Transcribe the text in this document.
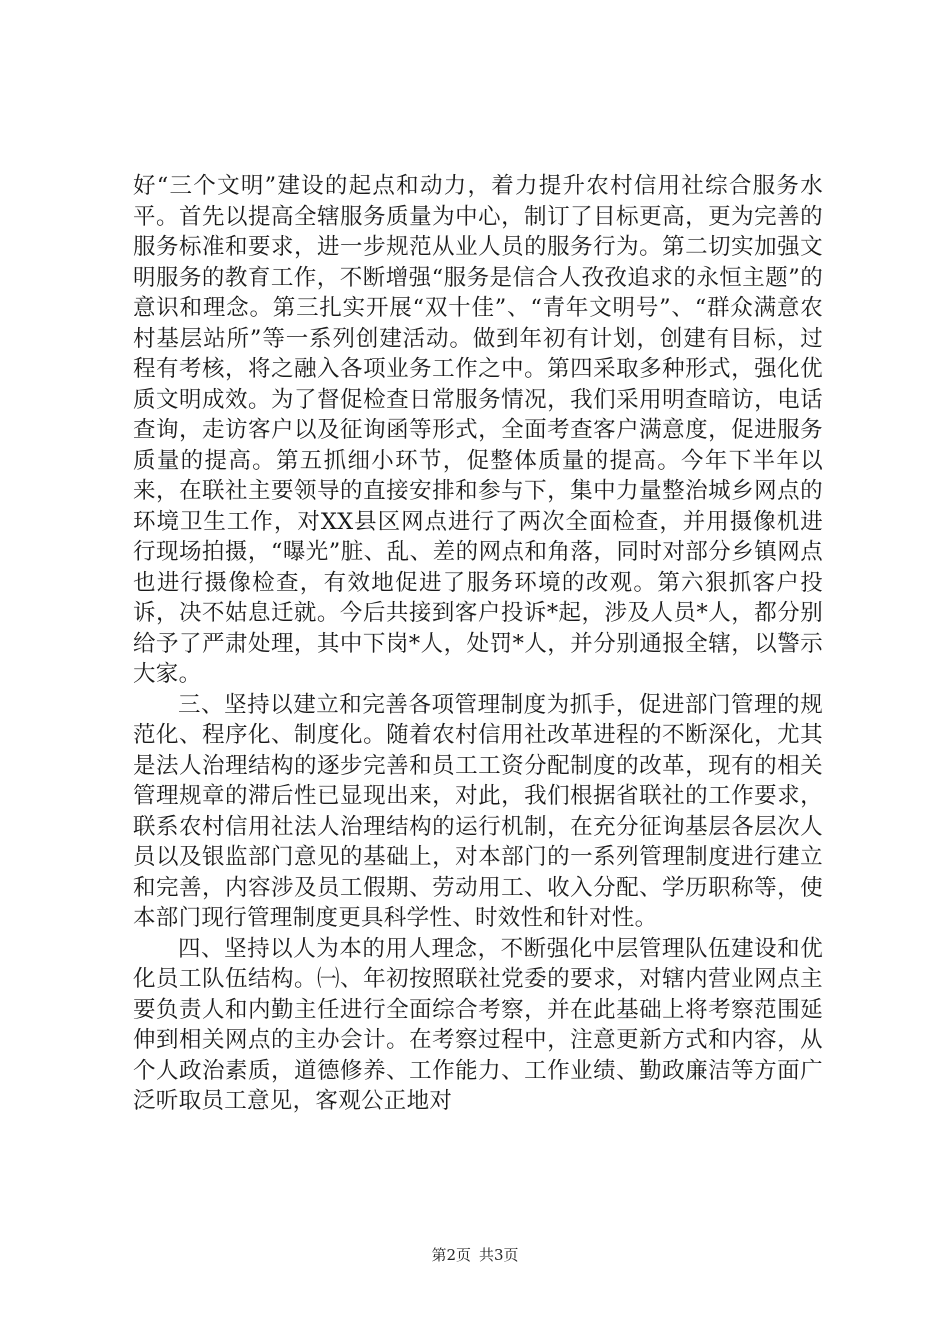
好“三个文明”建设的起点和动力，着力提升农村信用社综合服务水平。首先以提高全辖服务质量为中心，制订了目标更高，更为完善的服务标准和要求，进一步规范从业人员的服务行为。第二切实加强文明服务的教育工作，不断增强“服务是信合人孜孜追求的永恒主题”的意识和理念。第三扎实开展“双十佳”、“青年文明号”、“群众满意农村基层站所”等一系列创建活动。做到年初有计划，创建有目标，过程有考核，将之融入各项业务工作之中。第四采取多种形式，强化优质文明成效。为了督促检查日常服务情况，我们采用明查暗访，电话查询，走访客户以及征询函等形式，全面考查客户满意度，促进服务质量的提高。第五抓细小环节，促整体质量的提高。今年下半年以来，在联社主要领导的直接安排和参与下，集中力量整治城乡网点的环境卫生工作，对XX县区网点进行了两次全面检查，并用摄像机进行现场拍摄，“曝光”脏、乱、差的网点和角落，同时对部分乡镇网点也进行摄像检查，有效地促进了服务环境的改观。第六狠抓客户投诉，决不姑息迁就。今后共接到客户投诉*起，涉及人员*人，都分别给予了严肃处理，其中下岗*人，处罚*人，并分别通报全辖，以警示大家。

三、坚持以建立和完善各项管理制度为抓手，促进部门管理的规范化、程序化、制度化。随着农村信用社改革进程的不断深化，尤其是法人治理结构的逐步完善和员工工资分配制度的改革，现有的相关管理规章的滞后性已显现出来，对此，我们根据省联社的工作要求，联系农村信用社法人治理结构的运行机制，在充分征询基层各层次人员以及银监部门意见的基础上，对本部门的一系列管理制度进行建立和完善，内容涉及员工假期、劳动用工、收入分配、学历职称等，使本部门现行管理制度更具科学性、时效性和针对性。

四、坚持以人为本的用人理念，不断强化中层管理队伍建设和优化员工队伍结构。㈠、年初按照联社党委的要求，对辖内营业网点主要负责人和内勤主任进行全面综合考察，并在此基础上将考察范围延伸到相关网点的主办会计。在考察过程中，注意更新方式和内容，从个人政治素质，道德修养、工作能力、工作业绩、勤政廉洁等方面广泛听取员工意见，客观公正地对

第2页 共3页
